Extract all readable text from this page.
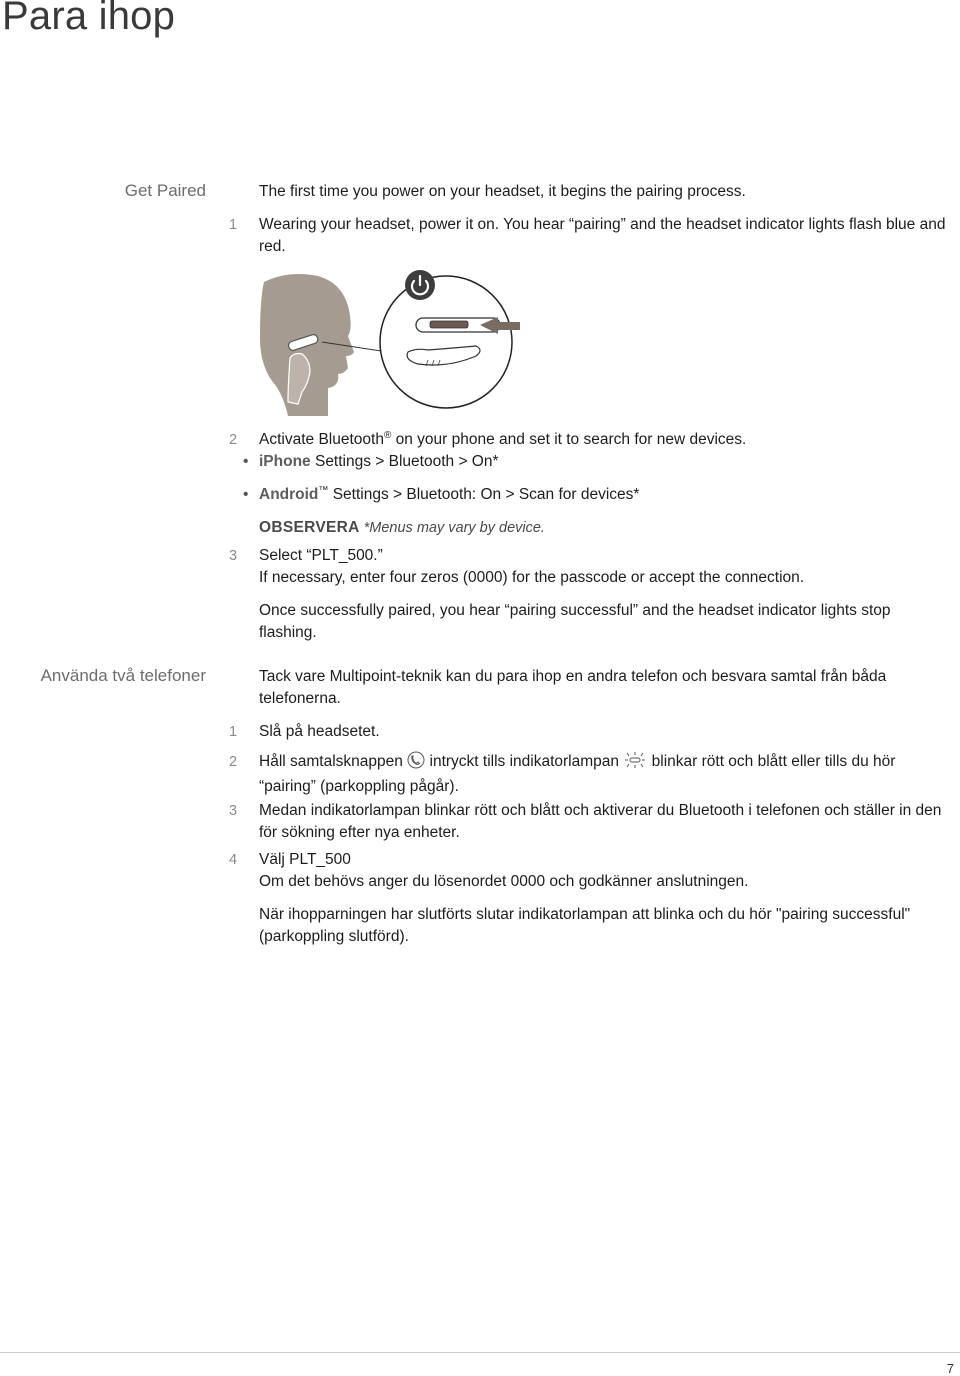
Para ihop
Get Paired	The first time you power on your headset, it begins the pairing process.
1	Wearing your headset, power it on. You hear “pairing” and the headset indicator lights flash blue and red.
2	Activate Bluetooth® on your phone and set it to search for new devices.
• iPhone Settings > Bluetooth > On*
• Android™ Settings > Bluetooth: On > Scan for devices*
OBSERVERA *Menus may vary by device.
3	Select “PLT_500.”
If necessary, enter four zeros (0000) for the passcode or accept the connection.
Once successfully paired, you hear “pairing successful” and the headset indicator lights stop flashing.
Använda två telefoner	Tack vare Multipoint-teknik kan du para ihop en andra telefon och besvara samtal från båda telefonerna.
1	Slå på headsetet.
2	Håll samtalsknappen  intryckt tills indikatorlampan  blinkar rött och blått eller tills du hör “pairing” (parkoppling pågår).
3	Medan indikatorlampan blinkar rött och blått och aktiverar du Bluetooth i telefonen och ställer in den för sökning efter nya enheter.
4	Välj PLT_500
Om det behövs anger du lösenordet 0000 och godkänner anslutningen.
När ihopparningen har slutförts slutar indikatorlampan att blinka och du hör "pairing successful" (parkoppling slutförd).
7
